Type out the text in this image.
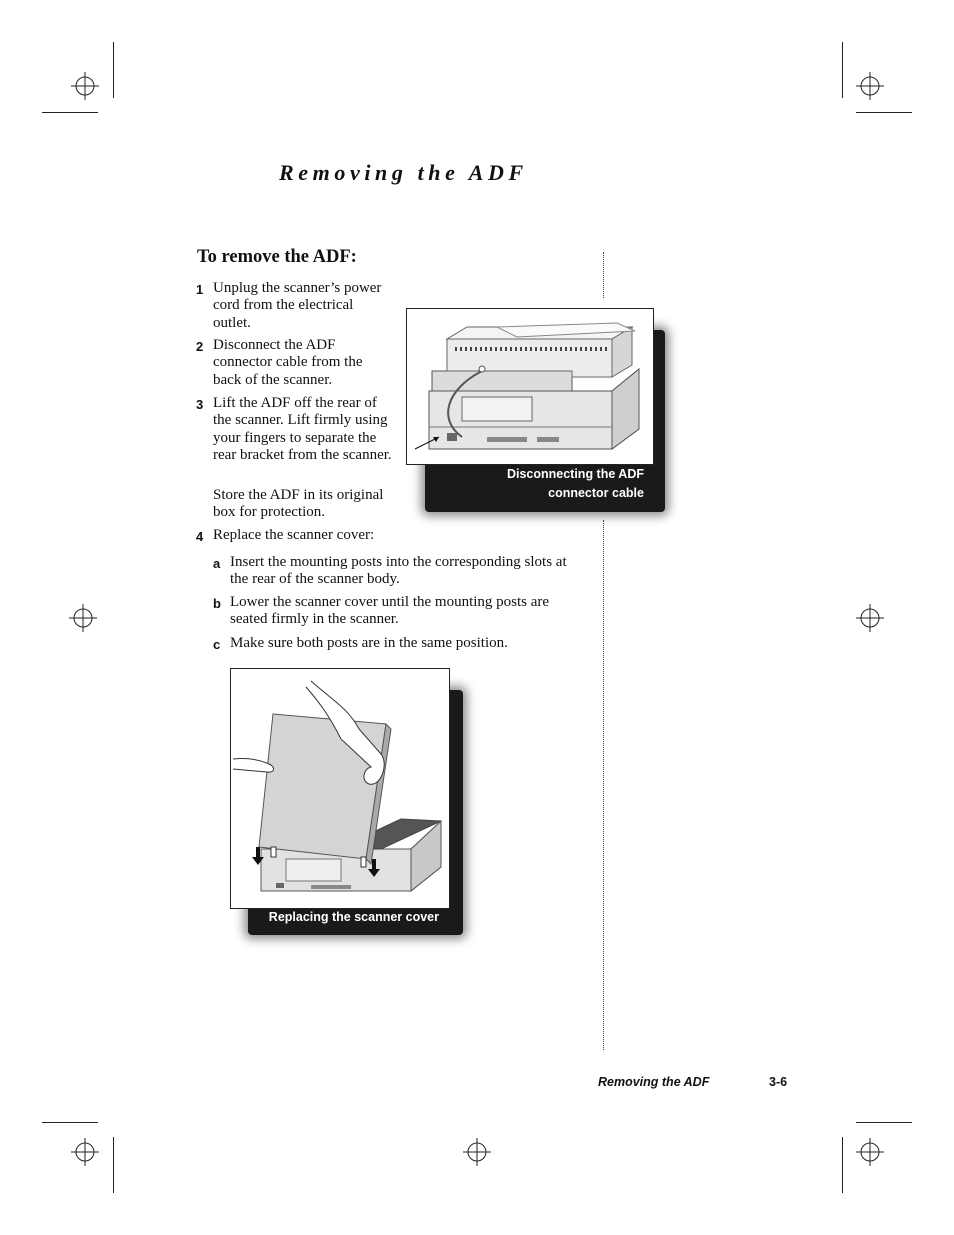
Removing the ADF
To remove the ADF:
1 Unplug the scanner’s power cord from the electrical outlet.
2 Disconnect the ADF connector cable from the back of the scanner.
3 Lift the ADF off the rear of the scanner. Lift firmly using your fingers to separate the rear bracket from the scanner.
Store the ADF in its original box for protection.
4 Replace the scanner cover:
a Insert the mounting posts into the corresponding slots at the rear of the scanner body.
b Lower the scanner cover until the mounting posts are seated firmly in the scanner.
c Make sure both posts are in the same position.
Disconnecting the ADF
connector cable
Replacing the scanner cover
Removing the ADF	3-6
